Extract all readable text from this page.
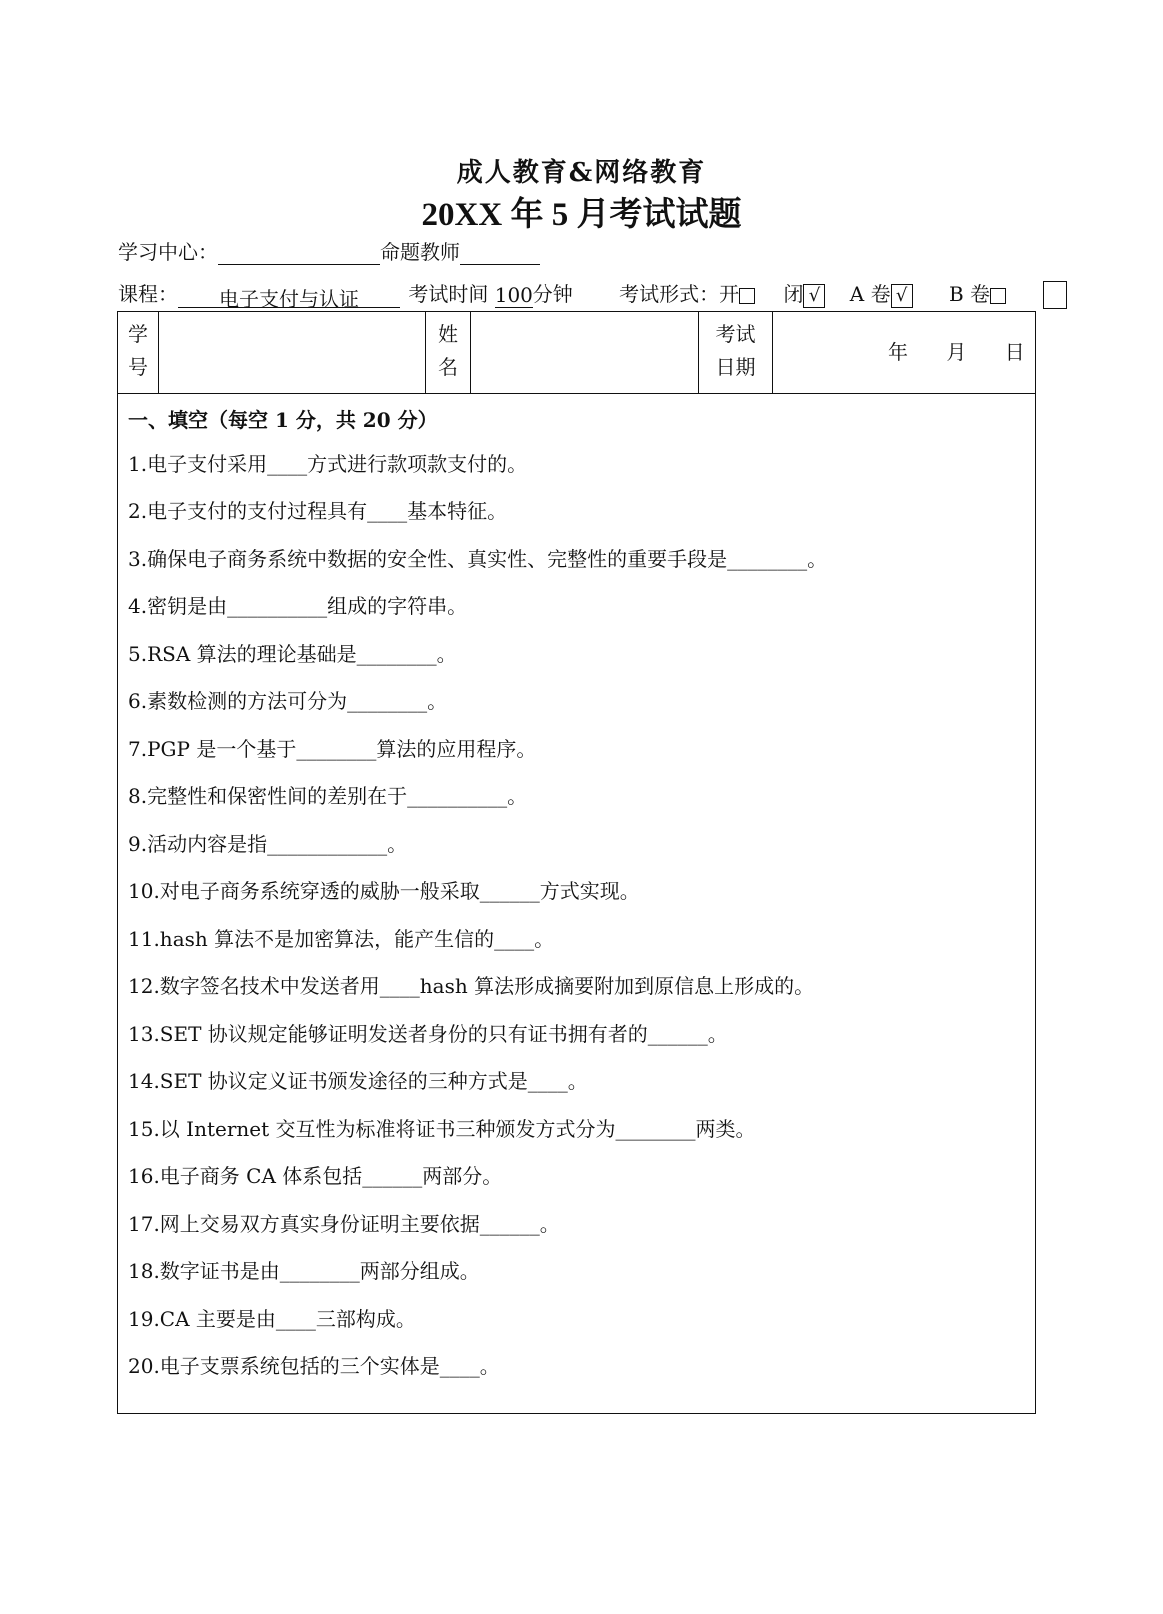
成人教育&网络教育
20XX 年 5 月考试试题
学习中心：	命题教师
课程： 电子支付与认证 考试时间 100分钟 考试形式：开 闭 √ A 卷 √ B 卷
学
号
姓
名
考试
日期
年 月 日
一、填空（每空 1 分，共 20 分）
1.电子支付采用____方式进行款项款支付的。
2.电子支付的支付过程具有____基本特征。
3.确保电子商务系统中数据的安全性、真实性、完整性的重要手段是________。
4.密钥是由__________组成的字符串。
5.RSA 算法的理论基础是________。
6.素数检测的方法可分为________。
7.PGP 是一个基于________算法的应用程序。
8.完整性和保密性间的差别在于__________。
9.活动内容是指____________。
10.对电子商务系统穿透的威胁一般采取______方式实现。
11.hash 算法不是加密算法，能产生信的____。
12.数字签名技术中发送者用____hash 算法形成摘要附加到原信息上形成的。
13.SET 协议规定能够证明发送者身份的只有证书拥有者的______。
14.SET 协议定义证书颁发途径的三种方式是____。
15.以 Internet 交互性为标准将证书三种颁发方式分为________两类。
16.电子商务 CA 体系包括______两部分。
17.网上交易双方真实身份证明主要依据______。
18.数字证书是由________两部分组成。
19.CA 主要是由____三部构成。
20.电子支票系统包括的三个实体是____。
